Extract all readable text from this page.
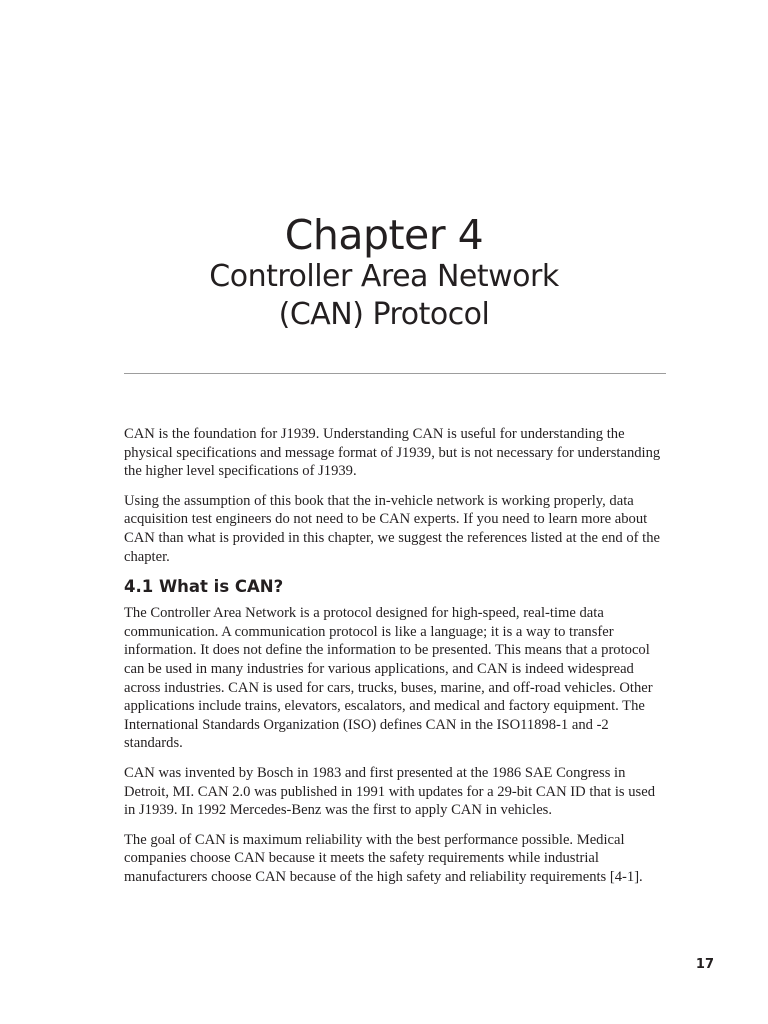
Chapter 4
Controller Area Network
(CAN) Protocol

CAN is the foundation for J1939. Understanding CAN is useful for understanding the physical specifications and message format of J1939, but is not necessary for understanding the higher level specifications of J1939.

Using the assumption of this book that the in-vehicle network is working properly, data acquisition test engineers do not need to be CAN experts. If you need to learn more about CAN than what is provided in this chapter, we suggest the references listed at the end of the chapter.

4.1 What is CAN?

The Controller Area Network is a protocol designed for high-speed, real-time data communication. A communication protocol is like a language; it is a way to transfer information. It does not define the information to be presented. This means that a protocol can be used in many industries for various applications, and CAN is indeed widespread across industries. CAN is used for cars, trucks, buses, marine, and off-road vehicles. Other applications include trains, elevators, escalators, and medical and factory equipment. The International Standards Organization (ISO) defines CAN in the ISO11898-1 and -2 standards.

CAN was invented by Bosch in 1983 and first presented at the 1986 SAE Congress in Detroit, MI. CAN 2.0 was published in 1991 with updates for a 29-bit CAN ID that is used in J1939. In 1992 Mercedes-Benz was the first to apply CAN in vehicles.

The goal of CAN is maximum reliability with the best performance possible. Medical companies choose CAN because it meets the safety requirements while industrial manufacturers choose CAN because of the high safety and reliability requirements [4-1].

17
